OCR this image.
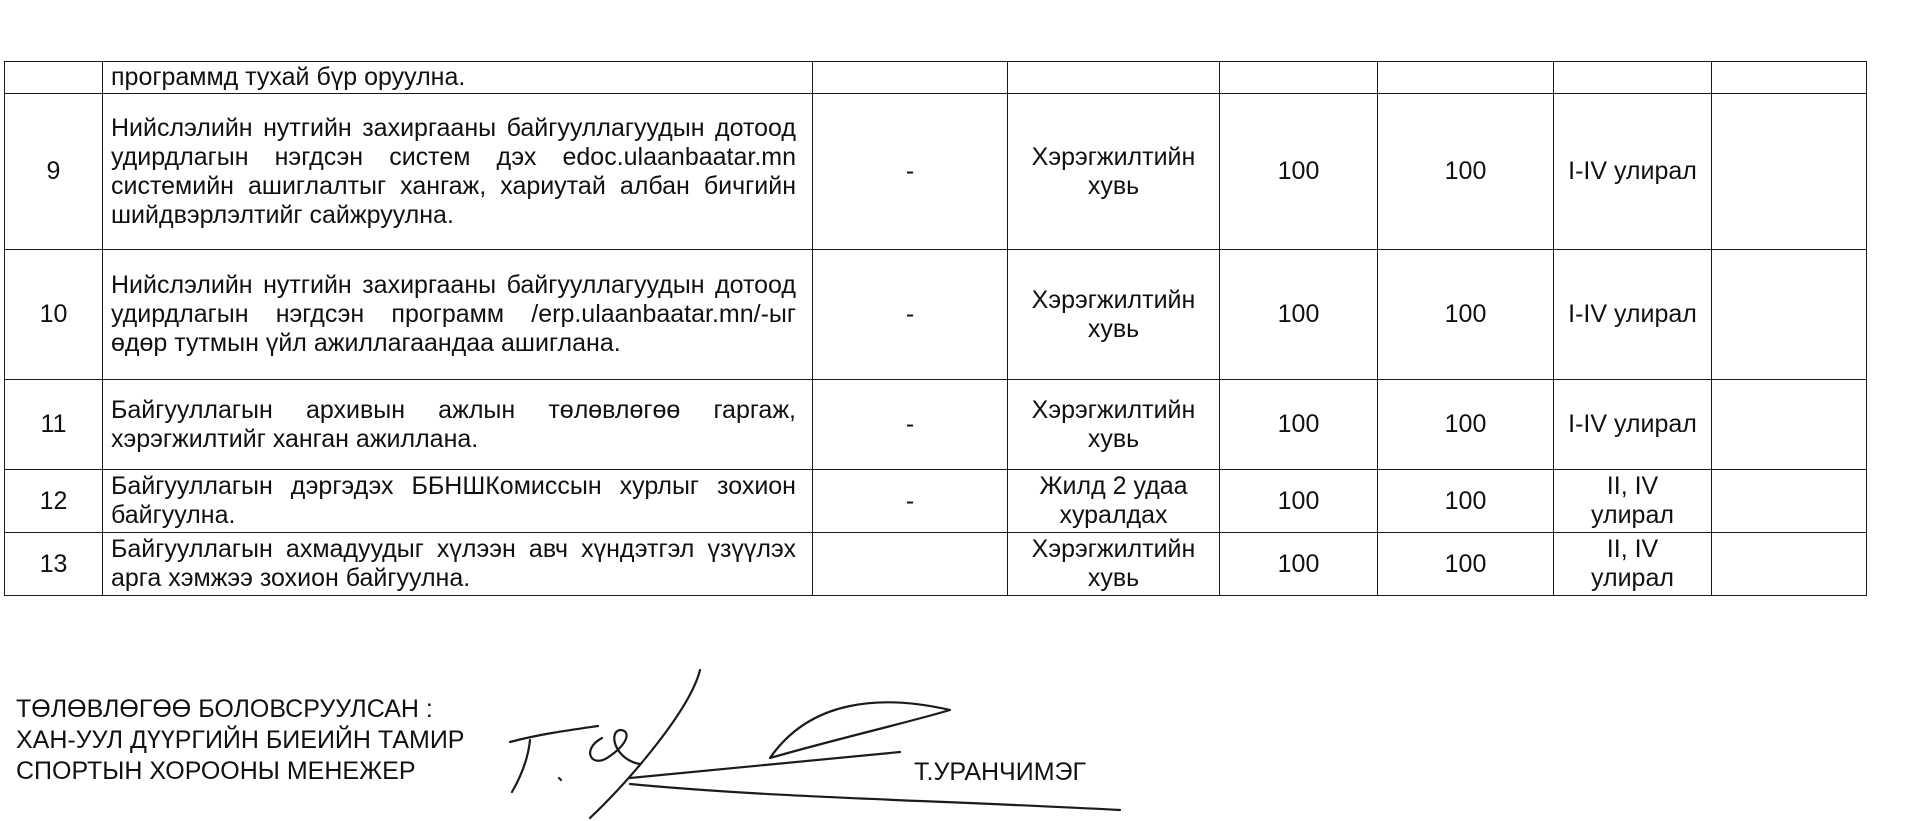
	программд тухай бүр оруулна.						
9	Нийслэлийн нутгийн захиргааны байгууллагуудын дотоод удирдлагын нэгдсэн систем дэх edoc.ulaanbaatar.mn системийн ашиглалтыг хангаж, хариутай албан бичгийн шийдвэрлэлтийг сайжруулна.	-	Хэрэгжилтийн хувь	100	100	I-IV улирал	
10	Нийслэлийн нутгийн захиргааны байгууллагуудын дотоод удирдлагын нэгдсэн программ /erp.ulaanbaatar.mn/-ыг өдөр тутмын үйл ажиллагаандаа ашиглана.	-	Хэрэгжилтийн хувь	100	100	I-IV улирал	
11	Байгууллагын архивын ажлын төлөвлөгөө гаргаж, хэрэгжилтийг ханган ажиллана.	-	Хэрэгжилтийн хувь	100	100	I-IV улирал	
12	Байгууллагын дэргэдэх ББНШКомиссын хурлыг зохион байгуулна.	-	Жилд 2 удаа хуралдах	100	100	II, IV улирал	
13	Байгууллагын ахмадуудыг хүлээн авч хүндэтгэл үзүүлэх арга хэмжээ зохион байгуулна.		Хэрэгжилтийн хувь	100	100	II, IV улирал	
ТӨЛӨВЛӨГӨӨ БОЛОВСРУУЛСАН :
ХАН-УУЛ ДҮҮРГИЙН БИЕИЙН ТАМИР
СПОРТЫН ХОРООНЫ МЕНЕЖЕР	Т.УРАНЧИМЭГ
